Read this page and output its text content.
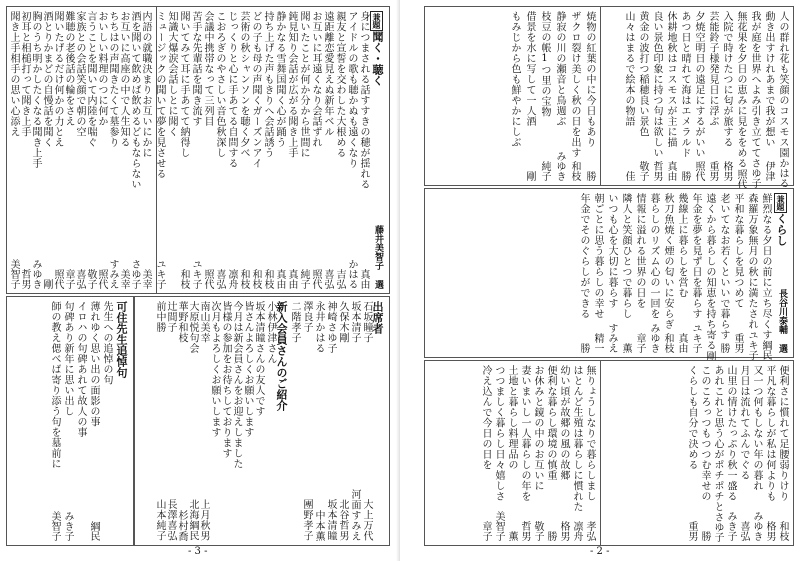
内語の就職決まりお互いにかに
美幸
酒を聞いて飲めば飲めるどもならない
さゆ子
お互いに高座の中で人生知る
美幸
ちちはの声聞きたくて墓参り
すみえ
おいしい料理のつに何か
照代
言うことを聞いて内陸を喘ぐ
敬子
家族との会話笑顔で朝の空
喜弘
難聴の老後話の輪をさえ
章子
聞いたげるだけ何かの力とえ
照代
酒とりかまどの自慢話を聞く
剛
胸のうち明かしたくなる聞き上手
みゆき
初耳と相槌打って聞き上手
哲男
聞き上手相手の思い心添え
美智子
兼題聞く・聴く
藤井美智子 選
身につまされる話すすきの穂が揺れる
真由
アイドルの歌も聴かぬも遠くなり
かはる
親友と宣誓を交わした大根める
吉弘
遠距離恋愛見えぬ新年ベル
喜弘
お互いに耳遠くなり会話ずれ
照代
聞いたことが何か分から世間に
純子
鈍見知り会話が広がる聞き上手
真由
静かなる雪舞国聞く心が踊う
真由
持ち上げた声もきりへ会話誘う
和枝
どの子も母の声聞くガーズンアイ
和枝
芸術の秋シャンソンを聴く夕べ
和枝
じっくりと心に手あてる自問する
凛舟
こおろぎのやさしい音色秋深し
喜弘
会議中携帯なって三列目
照代
苦手な先輩話を聞き流す
ユキ子
聞いてみて耳に手あてて納得し
和枝
知識大爆涙会話しとに聞く
ミュージックの聞いて夢を見させる
ユキ子
可住先生追悼句
先生への追悼の句
薄れゆく思い出の面影の事
綱民
イロハの句碑あれて故人の事
句碑あり新年に思い出し
みき子
師の教え偲べば寄り添う句を墓前に
美智子
出席者
石坂瞳子
大上万代
坂本清子
河面すみえ
久保木剛
北谷哲男
神崎さゆ子
坂本清瞳
永井かはる
中本薫
澤良子
團野孝子
二階孝子
新入会員さんのご紹介
小林伊津さん
坂本清瞳さんの友人です
皆さんよろしくお願いします
今月は新会員さんをお迎えしました
皆様の参加をお待ちしております
次月もよろしくお願いします
南山美幸
上月秋男
大原悦句会
北海綱民
華野和枝
杉村喬
辻間子
長澤喜弘
前中勝
山本純子
- 3 -
人の群れ花も笑顔のコスモス園
かはる
動き出すけれあまで我が想い
伊津
我が庭を世界へよみ引き立てて
さゆ子
無花果を夕日の恵みに見ををめる
照代
入院で時けたつに匂が旅する
格男
芸能鈴子様発見日に浮ぶ
重男
夕焼空明日の遠足にするがいい
照代
あつ日と晴れて海はエメラルド
勝
休耕地秋はコスモスが主に描
真由
良い景色印象に持つ句は欲しい
哲男
黄金の波打つ稲穂良い景色
敬子
山々はまるで絵本の物語
佳
焼物の紅葉の中に今日もあり
勝
ザクロ裂け美しく秋の日を出す
和枝
静寂の川の瀬音と鳥週ぶ
みゆき
枝豆の帳1つ里の宝物
純子
借景を水に写して一人酒
剛
もみじから色も鮮やかにしぶ
兼題くらし
長谷川泰輔 選
鮮烈なる夕日の前に立ち尽くす
綱民
森羅万象無月の秋に満たされ
ユキ子
平和な暮らしを見つめて
重男
老いてなお若くといいで暮らす
勝
遠くから暮らしの知恵を持ち寄る
剛
年金を夢を見ず日を暮らす
ユキ子
幾線上に暮らしを営む
真由
秋刀魚焼く煙の匂いに安らぎ
和枝
暮らしのリズム心の一回を
みゆき
情報に溢れる世界の日を
章子
隣人と笑顔ひとつで暮らし
薫
いつも心を大切に暮らす
すみえ
朝ごとに思う暮らしの幸せ
精一
年金でそのぐらしができる
勝
便利さに慣れて足腰弱りけり
和枝
平凡な暮らしが私は何よりも
格男
又一つ何もしない年の暮れ
みゆき
月日は流れてふんでぐる
喜弘
山里の情けたっぷり秋一盛る
みき子
あれこれと思う心がポチポチと
さゆ子
このころっつもつつむ幸せの
勝
くらしも自分で決める
重男
無りょうしなりで暮らしまし
孝弘
はとんど生殖は暮らしに慣れた
凛舟
幼い頃が故郷の風の故郷
格男
便利な暮らし環境の慎重
勝
お休みと鏡の中のお互いに
敬子
妻いまいし一人暮らしの年を
哲男
土地と暮らし料理品の
薫
つつましく暮らし日々嬉しさ
美智子
冷え込んで今日の日を
章子
- 2 -
